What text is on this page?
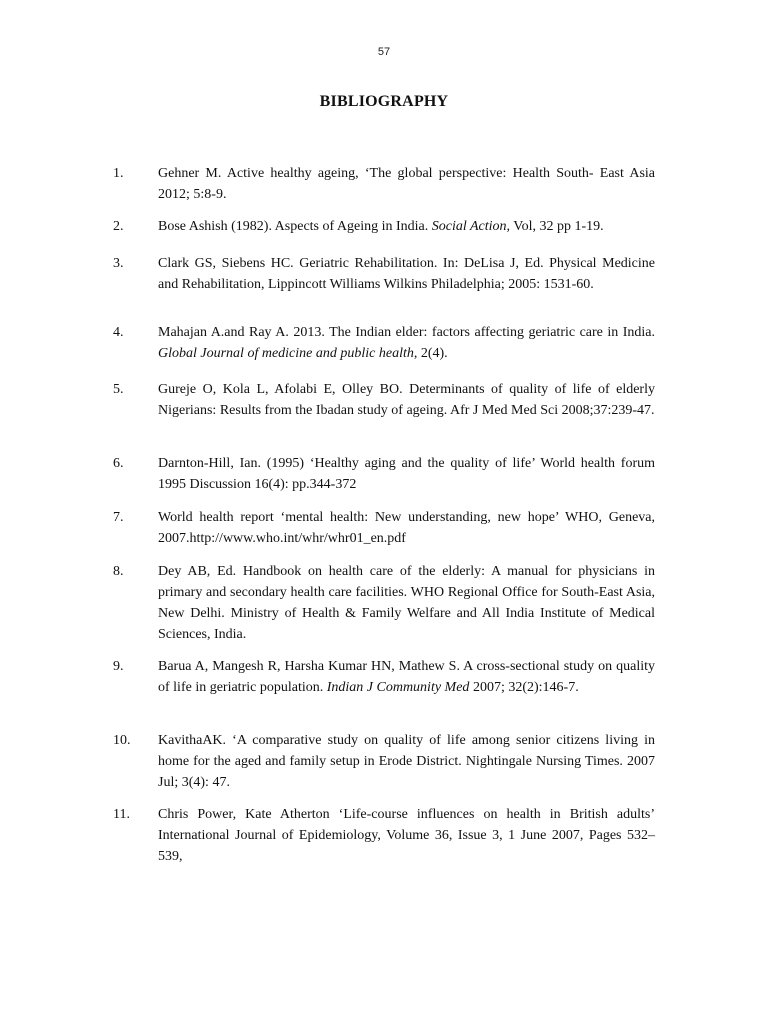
57
BIBLIOGRAPHY
1. Gehner M. Active healthy ageing, ‘The global perspective: Health South- East Asia 2012; 5:8-9.
2. Bose Ashish (1982). Aspects of Ageing in India. Social Action, Vol, 32 pp 1-19.
3. Clark GS, Siebens HC. Geriatric Rehabilitation. In: DeLisa J, Ed. Physical Medicine and Rehabilitation, Lippincott Williams Wilkins Philadelphia; 2005: 1531-60.
4. Mahajan A.and Ray A. 2013. The Indian elder: factors affecting geriatric care in India. Global Journal of medicine and public health, 2(4).
5. Gureje O, Kola L, Afolabi E, Olley BO. Determinants of quality of life of elderly Nigerians: Results from the Ibadan study of ageing. Afr J Med Med Sci 2008;37:239-47.
6. Darnton-Hill, Ian. (1995) ‘Healthy aging and the quality of life’ World health forum 1995 Discussion 16(4): pp.344-372
7. World health report ‘mental health: New understanding, new hope’ WHO, Geneva, 2007.http://www.who.int/whr/whr01_en.pdf
8. Dey AB, Ed. Handbook on health care of the elderly: A manual for physicians in primary and secondary health care facilities. WHO Regional Office for South-East Asia, New Delhi. Ministry of Health & Family Welfare and All India Institute of Medical Sciences, India.
9. Barua A, Mangesh R, Harsha Kumar HN, Mathew S. A cross-sectional study on quality of life in geriatric population. Indian J Community Med 2007; 32(2):146-7.
10. KavithaAK. ‘A comparative study on quality of life among senior citizens living in home for the aged and family setup in Erode District. Nightingale Nursing Times. 2007 Jul; 3(4): 47.
11. Chris Power, Kate Atherton ‘Life-course influences on health in British adults’ International Journal of Epidemiology, Volume 36, Issue 3, 1 June 2007, Pages 532–539,
